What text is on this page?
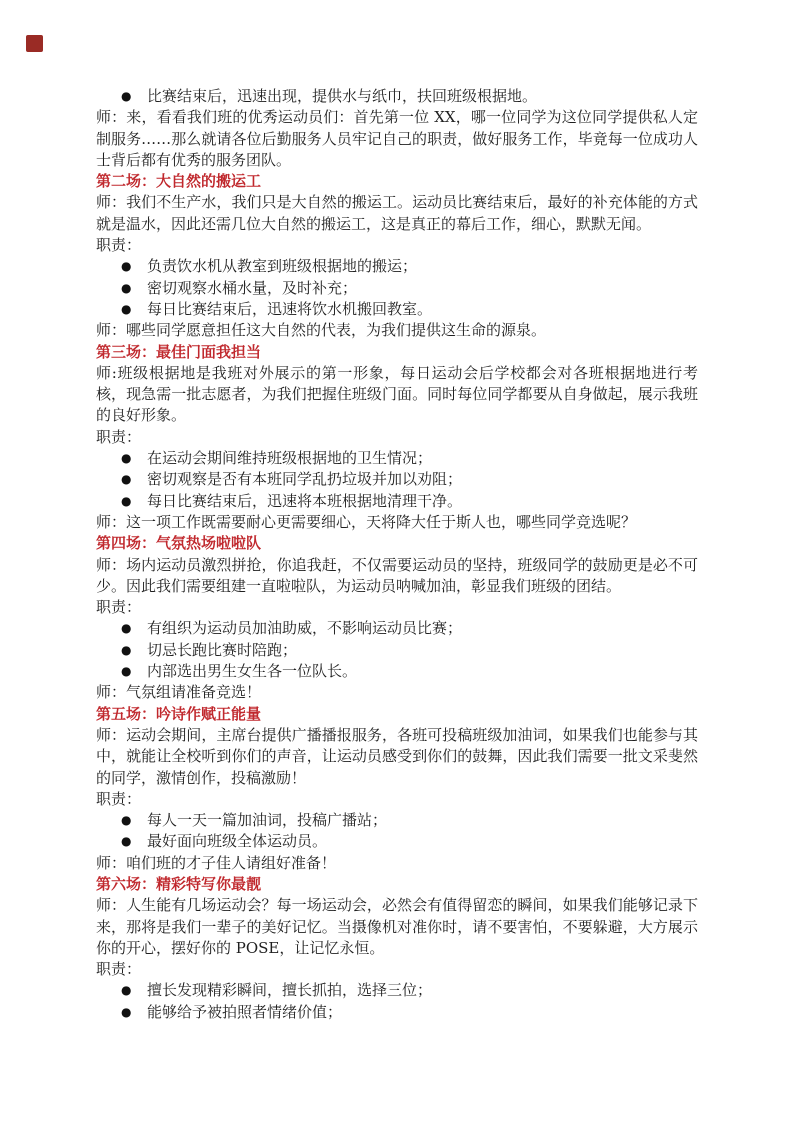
● 比赛结束后，迅速出现，提供水与纸巾，扶回班级根据地。
师：来，看看我们班的优秀运动员们：首先第一位 XX，哪一位同学为这位同学提供私人定制服务……那么就请各位后勤服务人员牢记自己的职责，做好服务工作，毕竟每一位成功人士背后都有优秀的服务团队。
第二场：大自然的搬运工
师：我们不生产水，我们只是大自然的搬运工。运动员比赛结束后，最好的补充体能的方式就是温水，因此还需几位大自然的搬运工，这是真正的幕后工作，细心，默默无闻。
职责：
● 负责饮水机从教室到班级根据地的搬运；
● 密切观察水桶水量，及时补充；
● 每日比赛结束后，迅速将饮水机搬回教室。
师：哪些同学愿意担任这大自然的代表，为我们提供这生命的源泉。
第三场：最佳门面我担当
师:班级根据地是我班对外展示的第一形象，每日运动会后学校都会对各班根据地进行考核，现急需一批志愿者，为我们把握住班级门面。同时每位同学都要从自身做起，展示我班的良好形象。
职责：
● 在运动会期间维持班级根据地的卫生情况；
● 密切观察是否有本班同学乱扔垃圾并加以劝阻；
● 每日比赛结束后，迅速将本班根据地清理干净。
师：这一项工作既需要耐心更需要细心，天将降大任于斯人也，哪些同学竞选呢？
第四场：气氛热场啦啦队
师：场内运动员激烈拼抢，你追我赶，不仅需要运动员的坚持，班级同学的鼓励更是必不可少。因此我们需要组建一直啦啦队，为运动员呐喊加油，彰显我们班级的团结。
职责：
● 有组织为运动员加油助威，不影响运动员比赛；
● 切忌长跑比赛时陪跑；
● 内部选出男生女生各一位队长。
师：气氛组请准备竞选！
第五场：吟诗作赋正能量
师：运动会期间，主席台提供广播播报服务，各班可投稿班级加油词，如果我们也能参与其中，就能让全校听到你们的声音，让运动员感受到你们的鼓舞，因此我们需要一批文采斐然的同学，激情创作，投稿激励！
职责：
● 每人一天一篇加油词，投稿广播站；
● 最好面向班级全体运动员。
师：咱们班的才子佳人请组好准备！
第六场：精彩特写你最靓
师：人生能有几场运动会？每一场运动会，必然会有值得留恋的瞬间，如果我们能够记录下来，那将是我们一辈子的美好记忆。当摄像机对准你时，请不要害怕，不要躲避，大方展示你的开心，摆好你的 POSE，让记忆永恒。
职责：
● 擅长发现精彩瞬间，擅长抓拍，选择三位；
● 能够给予被拍照者情绪价值；
